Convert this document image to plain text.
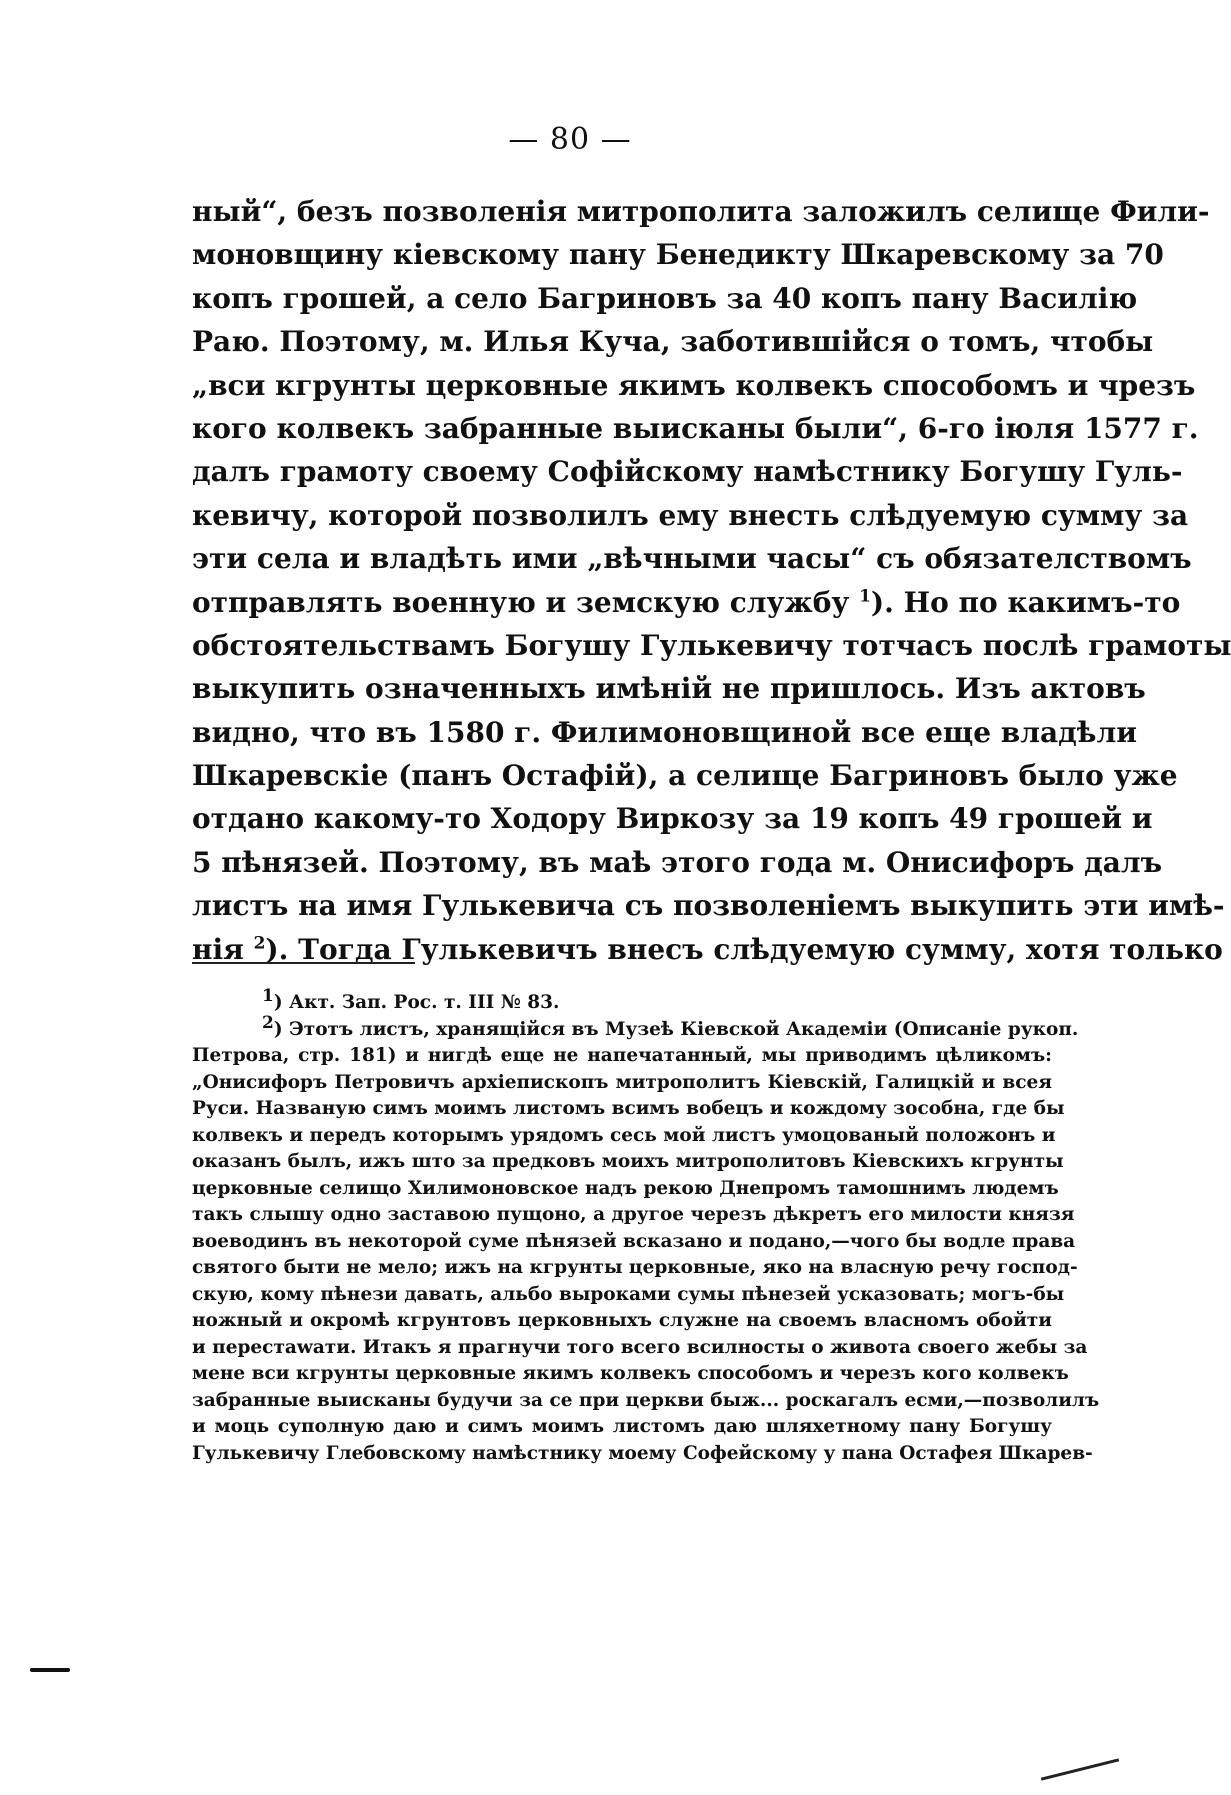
— 80 —
ный“, безъ позволенія митрополита заложилъ селище Фили-
моновщину кіевскому пану Бенедикту Шкаревскому за 70
копъ грошей, а село Багриновъ за 40 копъ пану Василію
Раю. Поэтому, м. Илья Куча, заботившійся о томъ, чтобы
„вси кгрунты церковные якимъ колвекъ способомъ и чрезъ
кого колвекъ забранные выисканы были“, 6-го іюля 1577 г.
далъ грамоту своему Софійскому намѣстнику Богушу Гуль-
кевичу, которой позволилъ ему внесть слѣдуемую сумму за
эти села и владѣть ими „вѣчными часы“ съ обязателствомъ
отправлять военную и земскую службу $^1$). Но по какимъ-то
обстоятельствамъ Богушу Гулькевичу тотчасъ послѣ грамоты
выкупить означенныхъ имѣній не пришлось. Изъ актовъ
видно, что въ 1580 г. Филимоновщиной все еще владѣли
Шкаревскіе (панъ Остафій), а селище Багриновъ было уже
отдано какому-то Ходору Виркозу за 19 копъ 49 грошей и
5 пѣнязей. Поэтому, въ маѣ этого года м. Онисифоръ далъ
листъ на имя Гулькевича съ позволеніемъ выкупить эти имѣ-
нія $^2$). Тогда Гулькевичъ внесъ слѣдуемую сумму, хотя только
1) Акт. Зап. Рос. т. III № 83.
2) Этотъ листъ, хранящійся въ Музеѣ Кіевской Академіи (Описаніе рукоп.
Петрова, стр. 181) и нигдѣ еще не напечатанный, мы приводимъ цѣликомъ:
„Онисифоръ Петровичъ архіепископъ митрополитъ Кіевскій, Галицкій и всея
Руси. Названую симъ моимъ листомъ всимъ вобецъ и кождому зособна, где бы
колвекъ и передъ которымъ урядомъ сесь мой листъ умоцованый положонъ и
оказанъ былъ, ижъ што за предковъ моихъ митрополитовъ Кіевскихъ кгрунты
церковные селищо Хилимоновское надъ рекою Днепромъ тамошнимъ людемъ
такъ слышу одно заставою пущоно, а другое черезъ дѣкретъ его милости князя
воеводинъ въ некоторой суме пѣнязей всказано и подано,—чого бы водле права
святого быти не мело; ижъ на кгрунты церковные, яко на власную речу господ-
скую, кому пѣнези давать, альбо выроками сумы пѣнезей усказовать; могъ-бы
ножный и окромѣ кгрунтовъ церковныхъ служне на своемъ власномъ обойти
и перестawати. Итакъ я прагнучи того всего всилносты о живота своего жебы за
мене вси кгрунты церковные якимъ колвекъ способомъ и черезъ кого колвекъ
забранные выисканы будучи за се при церкви быж... роскагалъ есми,—позволилъ
и моць суполную даю и симъ моимъ листомъ даю шляхетному пану Богушу
Гулькевичу Глебовскому намѣстнику моему Софейскому у пана Остафея Шкарев-
